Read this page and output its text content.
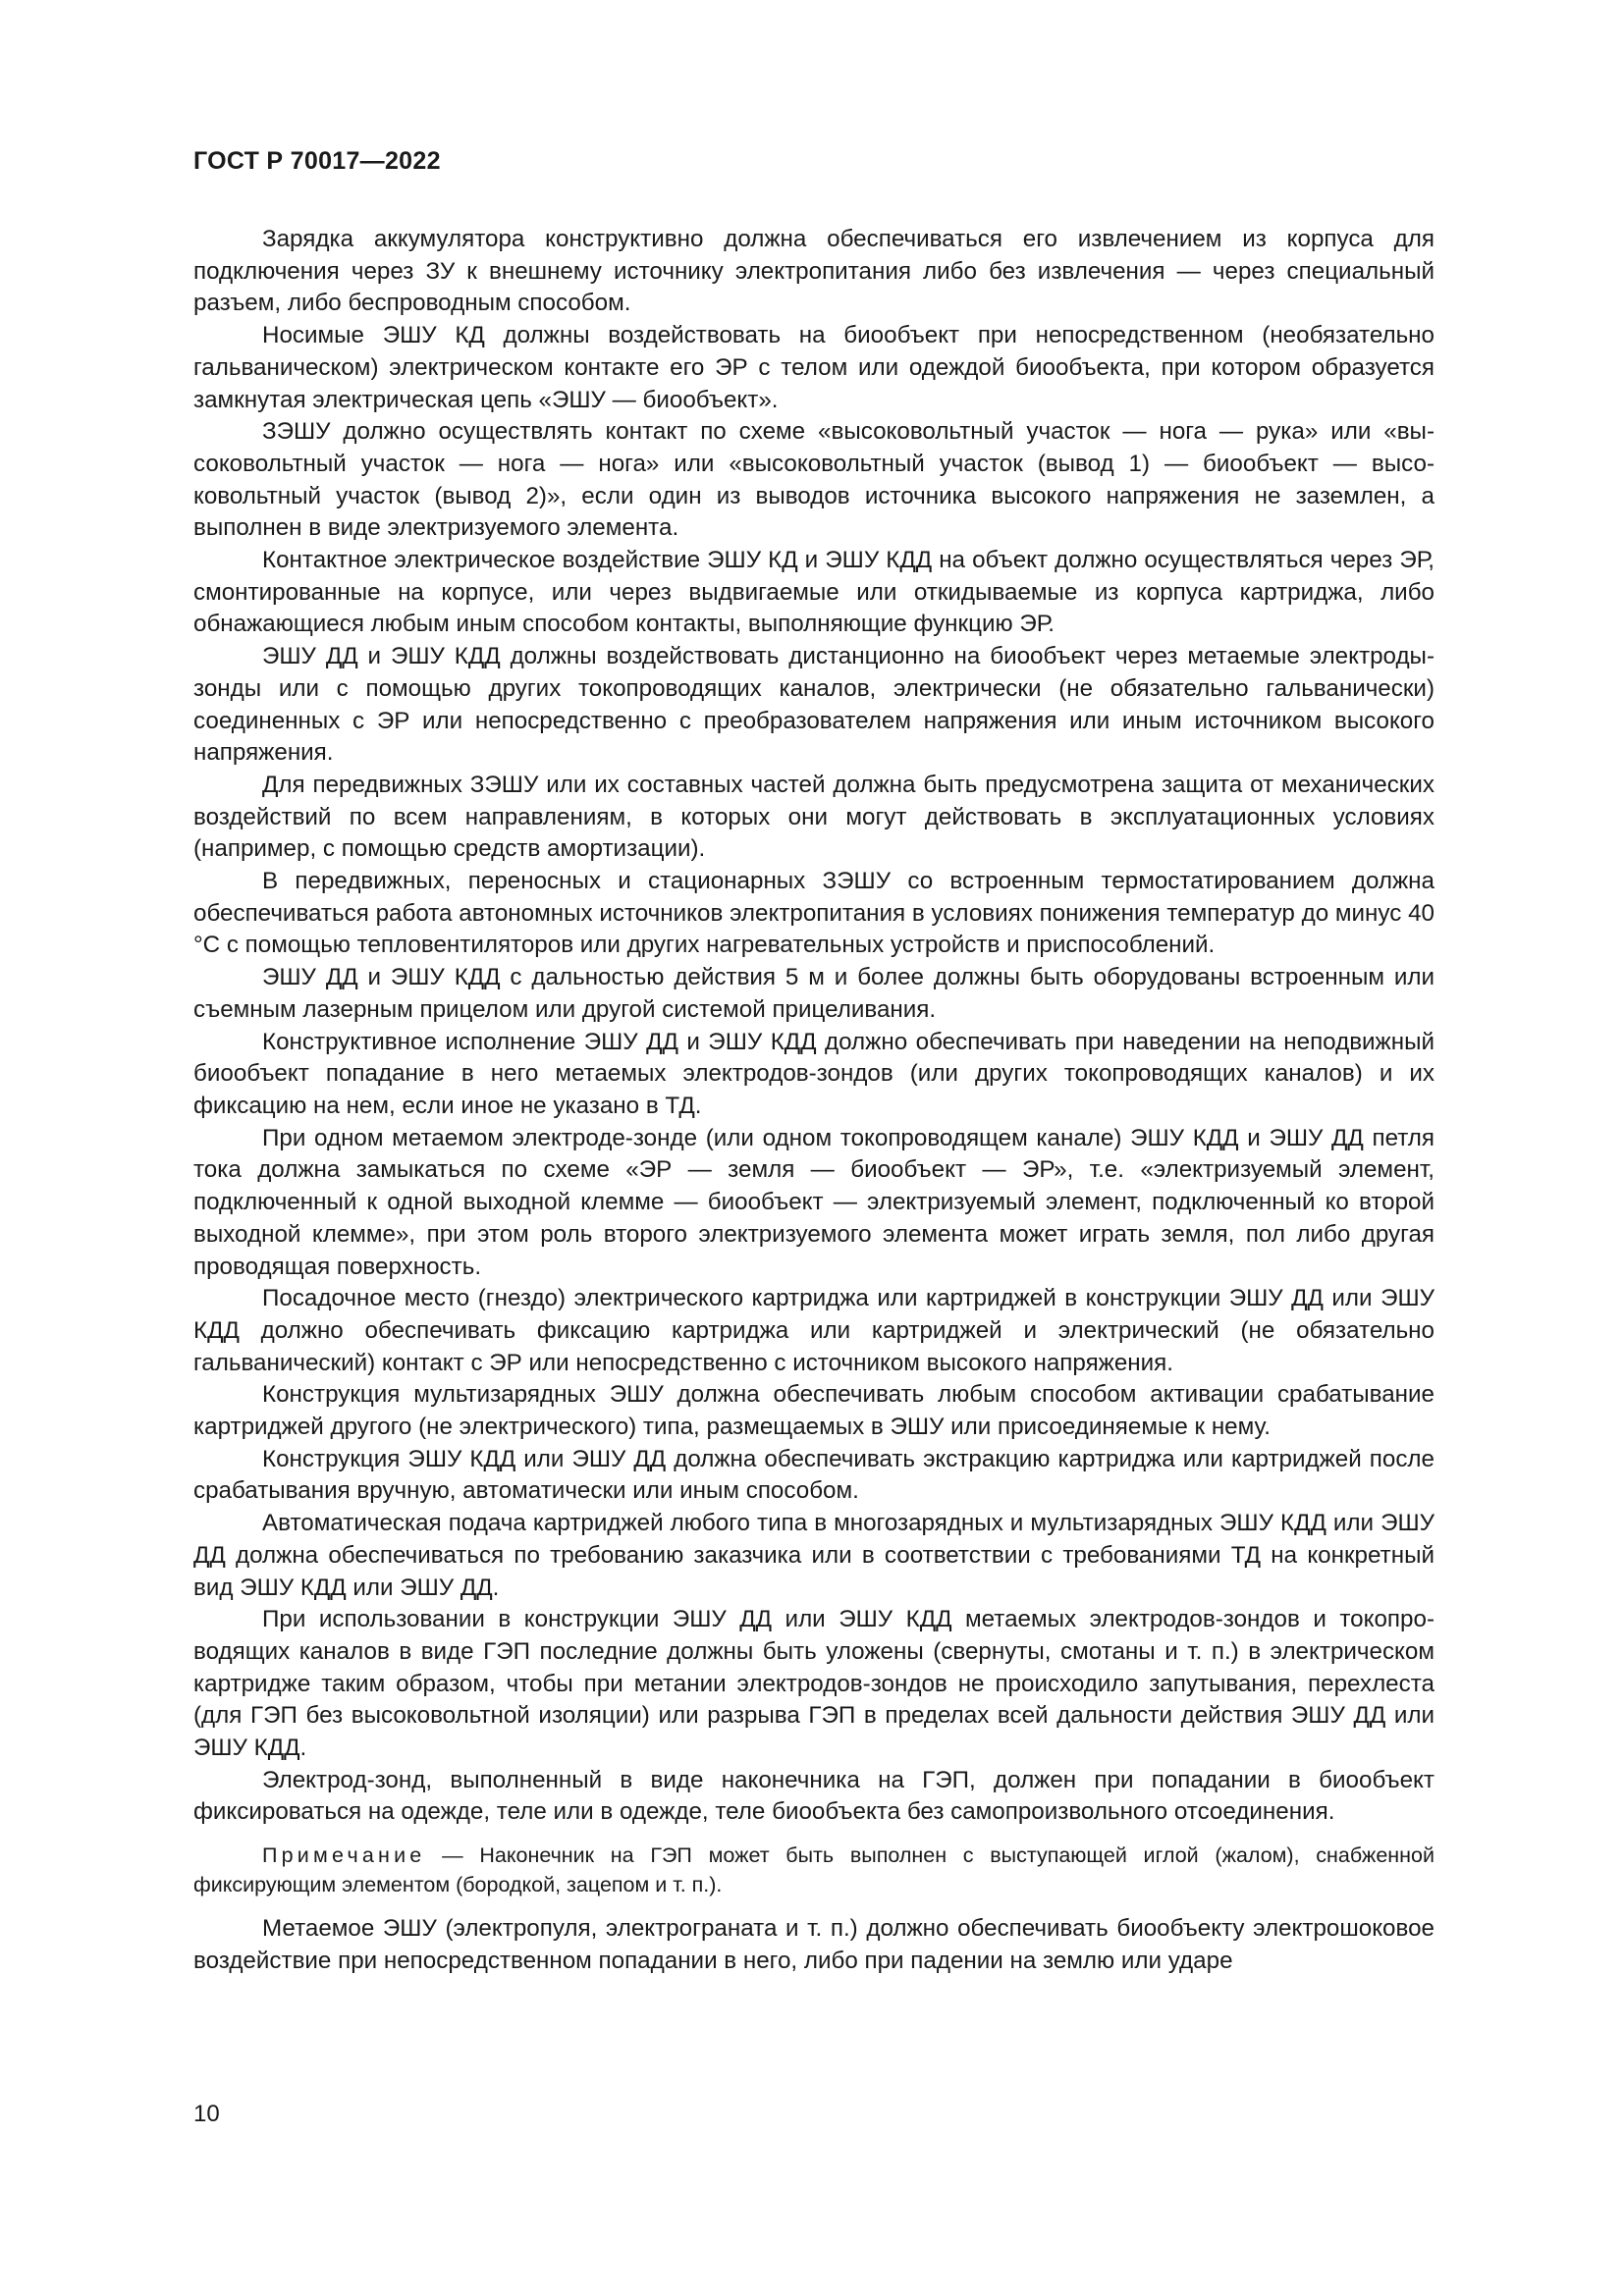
ГОСТ Р 70017—2022

Зарядка аккумулятора конструктивно должна обеспечиваться его извлечением из корпуса для подключения через ЗУ к внешнему источнику электропитания либо без извлечения — через специальный разъем, либо беспроводным способом.

Носимые ЭШУ КД должны воздействовать на биообъект при непосредственном (необязательно гальваническом) электрическом контакте его ЭР с телом или одеждой биообъекта, при котором образуется замкнутая электрическая цепь «ЭШУ — биообъект».

ЗЭШУ должно осуществлять контакт по схеме «высоковольтный участок — нога — рука» или «высоковольтный участок — нога — нога» или «высоковольтный участок (вывод 1) — биообъект — высоковольтный участок (вывод 2)», если один из выводов источника высокого напряжения не заземлен, а выполнен в виде электризуемого элемента.

Контактное электрическое воздействие ЭШУ КД и ЭШУ КДД на объект должно осуществляться через ЭР, смонтированные на корпусе, или через выдвигаемые или откидываемые из корпуса картриджа, либо обнажающиеся любым иным способом контакты, выполняющие функцию ЭР.

ЭШУ ДД и ЭШУ КДД должны воздействовать дистанционно на биообъект через метаемые электроды-зонды или с помощью других токопроводящих каналов, электрически (не обязательно гальванически) соединенных с ЭР или непосредственно с преобразователем напряжения или иным источником высокого напряжения.

Для передвижных ЗЭШУ или их составных частей должна быть предусмотрена защита от механических воздействий по всем направлениям, в которых они могут действовать в эксплуатационных условиях (например, с помощью средств амортизации).

В передвижных, переносных и стационарных ЗЭШУ со встроенным термостатированием должна обеспечиваться работа автономных источников электропитания в условиях понижения температур до минус 40 °С с помощью тепловентиляторов или других нагревательных устройств и приспособлений.

ЭШУ ДД и ЭШУ КДД с дальностью действия 5 м и более должны быть оборудованы встроенным или съемным лазерным прицелом или другой системой прицеливания.

Конструктивное исполнение ЭШУ ДД и ЭШУ КДД должно обеспечивать при наведении на неподвижный биообъект попадание в него метаемых электродов-зондов (или других токопроводящих каналов) и их фиксацию на нем, если иное не указано в ТД.

При одном метаемом электроде-зонде (или одном токопроводящем канале) ЭШУ КДД и ЭШУ ДД петля тока должна замыкаться по схеме «ЭР — земля — биообъект — ЭР», т.е. «электризуемый элемент, подключенный к одной выходной клемме — биообъект — электризуемый элемент, подключенный ко второй выходной клемме», при этом роль второго электризуемого элемента может играть земля, пол либо другая проводящая поверхность.

Посадочное место (гнездо) электрического картриджа или картриджей в конструкции ЭШУ ДД или ЭШУ КДД должно обеспечивать фиксацию картриджа или картриджей и электрический (не обязательно гальванический) контакт с ЭР или непосредственно с источником высокого напряжения.

Конструкция мультизарядных ЭШУ должна обеспечивать любым способом активации срабатывание картриджей другого (не электрического) типа, размещаемых в ЭШУ или присоединяемые к нему.

Конструкция ЭШУ КДД или ЭШУ ДД должна обеспечивать экстракцию картриджа или картриджей после срабатывания вручную, автоматически или иным способом.

Автоматическая подача картриджей любого типа в многозарядных и мультизарядных ЭШУ КДД или ЭШУ ДД должна обеспечиваться по требованию заказчика или в соответствии с требованиями ТД на конкретный вид ЭШУ КДД или ЭШУ ДД.

При использовании в конструкции ЭШУ ДД или ЭШУ КДД метаемых электродов-зондов и токопроводящих каналов в виде ГЭП последние должны быть уложены (свернуты, смотаны и т. п.) в электрическом картридже таким образом, чтобы при метании электродов-зондов не происходило запутывания, перехлеста (для ГЭП без высоковольтной изоляции) или разрыва ГЭП в пределах всей дальности действия ЭШУ ДД или ЭШУ КДД.

Электрод-зонд, выполненный в виде наконечника на ГЭП, должен при попадании в биообъект фиксироваться на одежде, теле или в одежде, теле биообъекта без самопроизвольного отсоединения.

Примечание — Наконечник на ГЭП может быть выполнен с выступающей иглой (жалом), снабженной фиксирующим элементом (бородкой, зацепом и т. п.).

Метаемое ЭШУ (электропуля, электрограната и т. п.) должно обеспечивать биообъекту электрошоковое воздействие при непосредственном попадании в него, либо при падении на землю или ударе

10
